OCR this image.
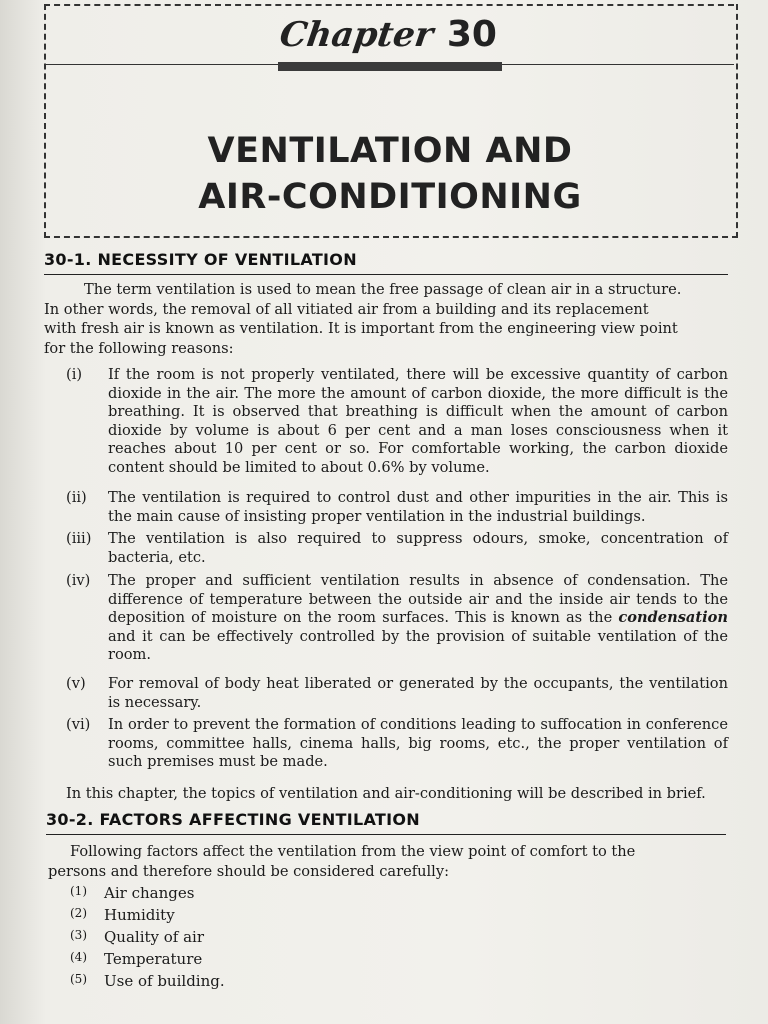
Chapter 30
VENTILATION AND
AIR-CONDITIONING
30-1. NECESSITY OF VENTILATION
The term ventilation is used to mean the free passage of clean air in a structure.
In other words, the removal of all vitiated air from a building and its replacement
with fresh air is known as ventilation. It is important from the engineering view point
for the following reasons:
(i)	If the room is not properly ventilated, there will be excessive quantity of carbon dioxide in the air. The more the amount of carbon dioxide, the more difficult is the breathing. It is observed that breathing is difficult when the amount of carbon dioxide by volume is about 6 per cent and a man loses consciousness when it reaches about 10 per cent or so. For comfortable working, the carbon dioxide content should be limited to about 0.6% by volume.
(ii)	The ventilation is required to control dust and other impurities in the air. This is the main cause of insisting proper ventilation in the industrial buildings.
(iii)	The ventilation is also required to suppress odours, smoke, concentration of bacteria, etc.
(iv)	The proper and sufficient ventilation results in absence of condensation. The difference of temperature between the outside air and the inside air tends to the deposition of moisture on the room surfaces. This is known as the condensation and it can be effectively controlled by the provision of suitable ventilation of the room.
(v)	For removal of body heat liberated or generated by the occupants, the ventilation is necessary.
(vi)	In order to prevent the formation of conditions leading to suffocation in conference rooms, committee halls, cinema halls, big rooms, etc., the proper ventilation of such premises must be made.
In this chapter, the topics of ventilation and air-conditioning will be described in brief.
30-2. FACTORS AFFECTING VENTILATION
Following factors affect the ventilation from the view point of comfort to the
persons and therefore should be considered carefully:
(1)	Air changes
(2)	Humidity
(3)	Quality of air
(4)	Temperature
(5)	Use of building.
